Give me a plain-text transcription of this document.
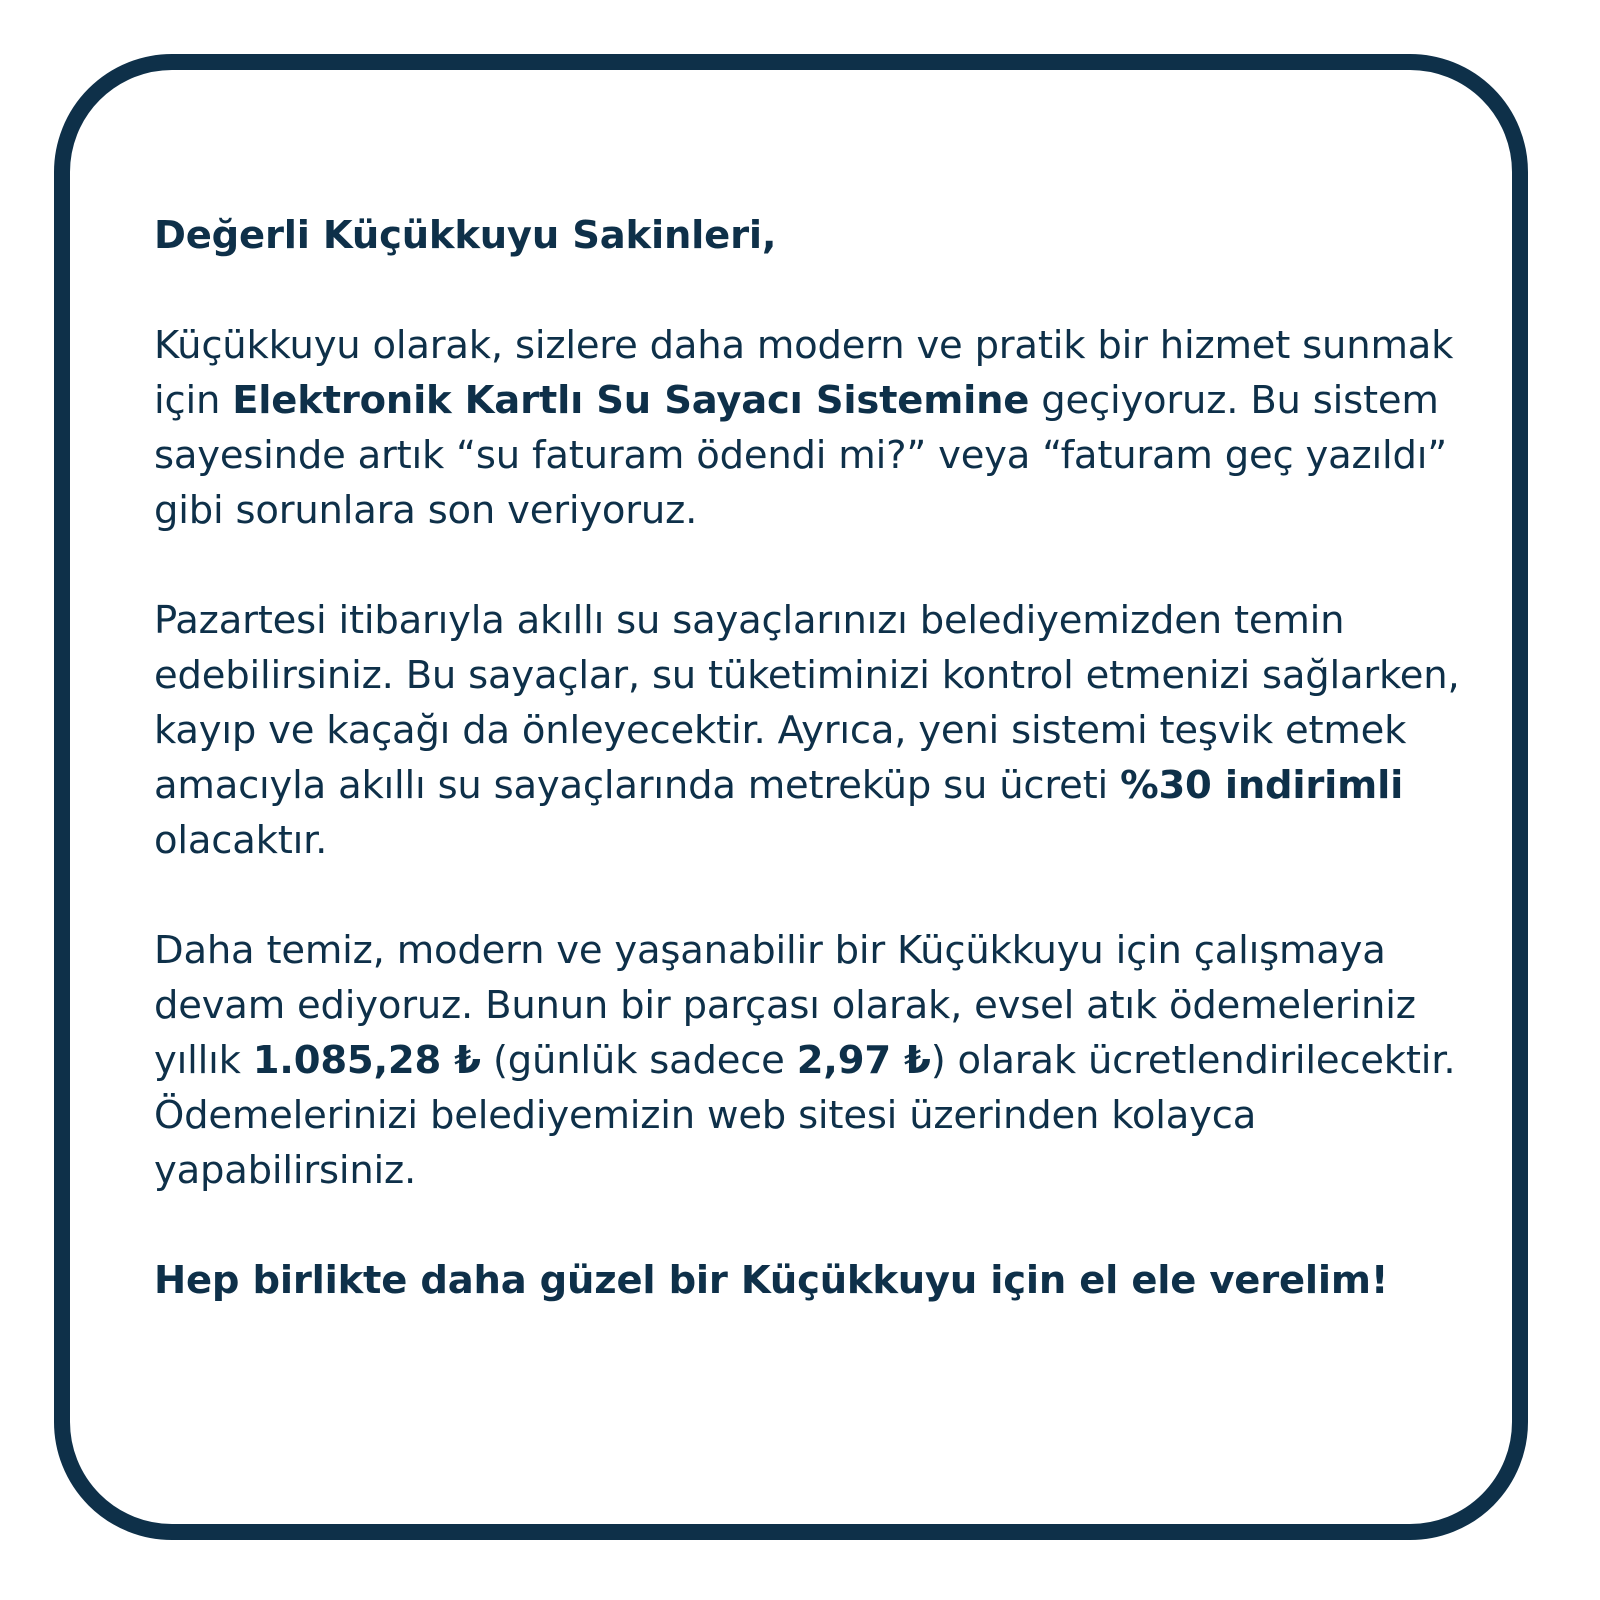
Değerli Küçükkuyu Sakinleri,

Küçükkuyu olarak, sizlere daha modern ve pratik bir hizmet sunmak için Elektronik Kartlı Su Sayacı Sistemine geçiyoruz. Bu sistem sayesinde artık “su faturam ödendi mi?” veya “faturam geç yazıldı” gibi sorunlara son veriyoruz.

Pazartesi itibarıyla akıllı su sayaçlarınızı belediyemizden temin edebilirsiniz. Bu sayaçlar, su tüketiminizi kontrol etmenizi sağlarken, kayıp ve kaçağı da önleyecektir. Ayrıca, yeni sistemi teşvik etmek amacıyla akıllı su sayaçlarında metreküp su ücreti %30 indirimli olacaktır.

Daha temiz, modern ve yaşanabilir bir Küçükkuyu için çalışmaya devam ediyoruz. Bunun bir parçası olarak, evsel atık ödemeleriniz yıllık 1.085,28 ₺ (günlük sadece 2,97 ₺) olarak ücretlendirilecektir. Ödemelerinizi belediyemizin web sitesi üzerinden kolayca yapabilirsiniz.

Hep birlikte daha güzel bir Küçükkuyu için el ele verelim!
